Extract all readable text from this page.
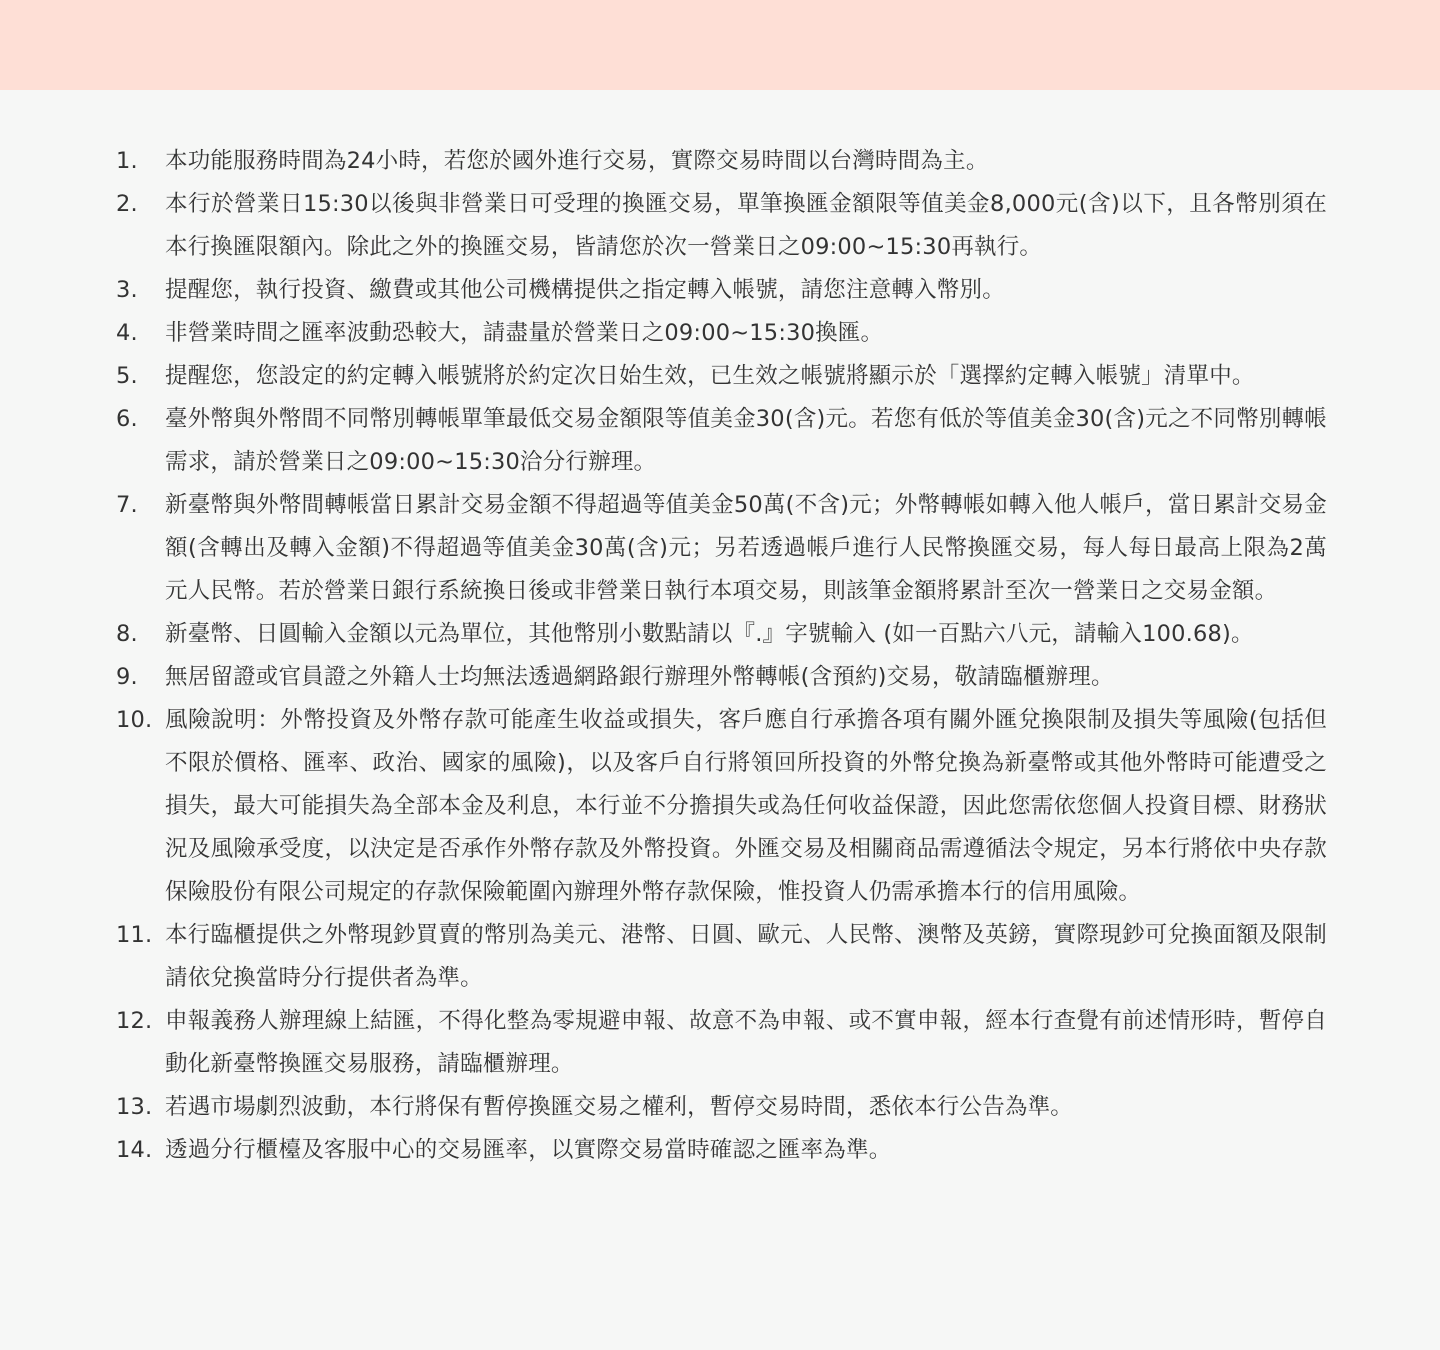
1.	本功能服務時間為24小時，若您於國外進行交易，實際交易時間以台灣時間為主。
2.	本行於營業日15:30以後與非營業日可受理的換匯交易，單筆換匯金額限等值美金8,000元(含)以下，且各幣別須在本行換匯限額內。除此之外的換匯交易，皆請您於次一營業日之09:00~15:30再執行。
3.	提醒您，執行投資、繳費或其他公司機構提供之指定轉入帳號，請您注意轉入幣別。
4.	非營業時間之匯率波動恐較大，請盡量於營業日之09:00~15:30換匯。
5.	提醒您，您設定的約定轉入帳號將於約定次日始生效，已生效之帳號將顯示於「選擇約定轉入帳號」清單中。
6.	臺外幣與外幣間不同幣別轉帳單筆最低交易金額限等值美金30(含)元。若您有低於等值美金30(含)元之不同幣別轉帳需求，請於營業日之09:00~15:30洽分行辦理。
7.	新臺幣與外幣間轉帳當日累計交易金額不得超過等值美金50萬(不含)元；外幣轉帳如轉入他人帳戶，當日累計交易金額(含轉出及轉入金額)不得超過等值美金30萬(含)元；另若透過帳戶進行人民幣換匯交易，每人每日最高上限為2萬元人民幣。若於營業日銀行系統換日後或非營業日執行本項交易，則該筆金額將累計至次一營業日之交易金額。
8.	新臺幣、日圓輸入金額以元為單位，其他幣別小數點請以『.』字號輸入 (如一百點六八元，請輸入100.68)。
9.	無居留證或官員證之外籍人士均無法透過網路銀行辦理外幣轉帳(含預約)交易，敬請臨櫃辦理。
10. 風險說明：外幣投資及外幣存款可能產生收益或損失，客戶應自行承擔各項有關外匯兌換限制及損失等風險(包括但不限於價格、匯率、政治、國家的風險)，以及客戶自行將領回所投資的外幣兌換為新臺幣或其他外幣時可能遭受之損失，最大可能損失為全部本金及利息，本行並不分擔損失或為任何收益保證，因此您需依您個人投資目標、財務狀況及風險承受度，以決定是否承作外幣存款及外幣投資。外匯交易及相關商品需遵循法令規定，另本行將依中央存款保險股份有限公司規定的存款保險範圍內辦理外幣存款保險，惟投資人仍需承擔本行的信用風險。
11. 本行臨櫃提供之外幣現鈔買賣的幣別為美元、港幣、日圓、歐元、人民幣、澳幣及英鎊，實際現鈔可兌換面額及限制請依兌換當時分行提供者為準。
12. 申報義務人辦理線上結匯，不得化整為零規避申報、故意不為申報、或不實申報，經本行查覺有前述情形時，暫停自動化新臺幣換匯交易服務，請臨櫃辦理。
13. 若遇市場劇烈波動，本行將保有暫停換匯交易之權利，暫停交易時間，悉依本行公告為準。
14. 透過分行櫃檯及客服中心的交易匯率，以實際交易當時確認之匯率為準。
